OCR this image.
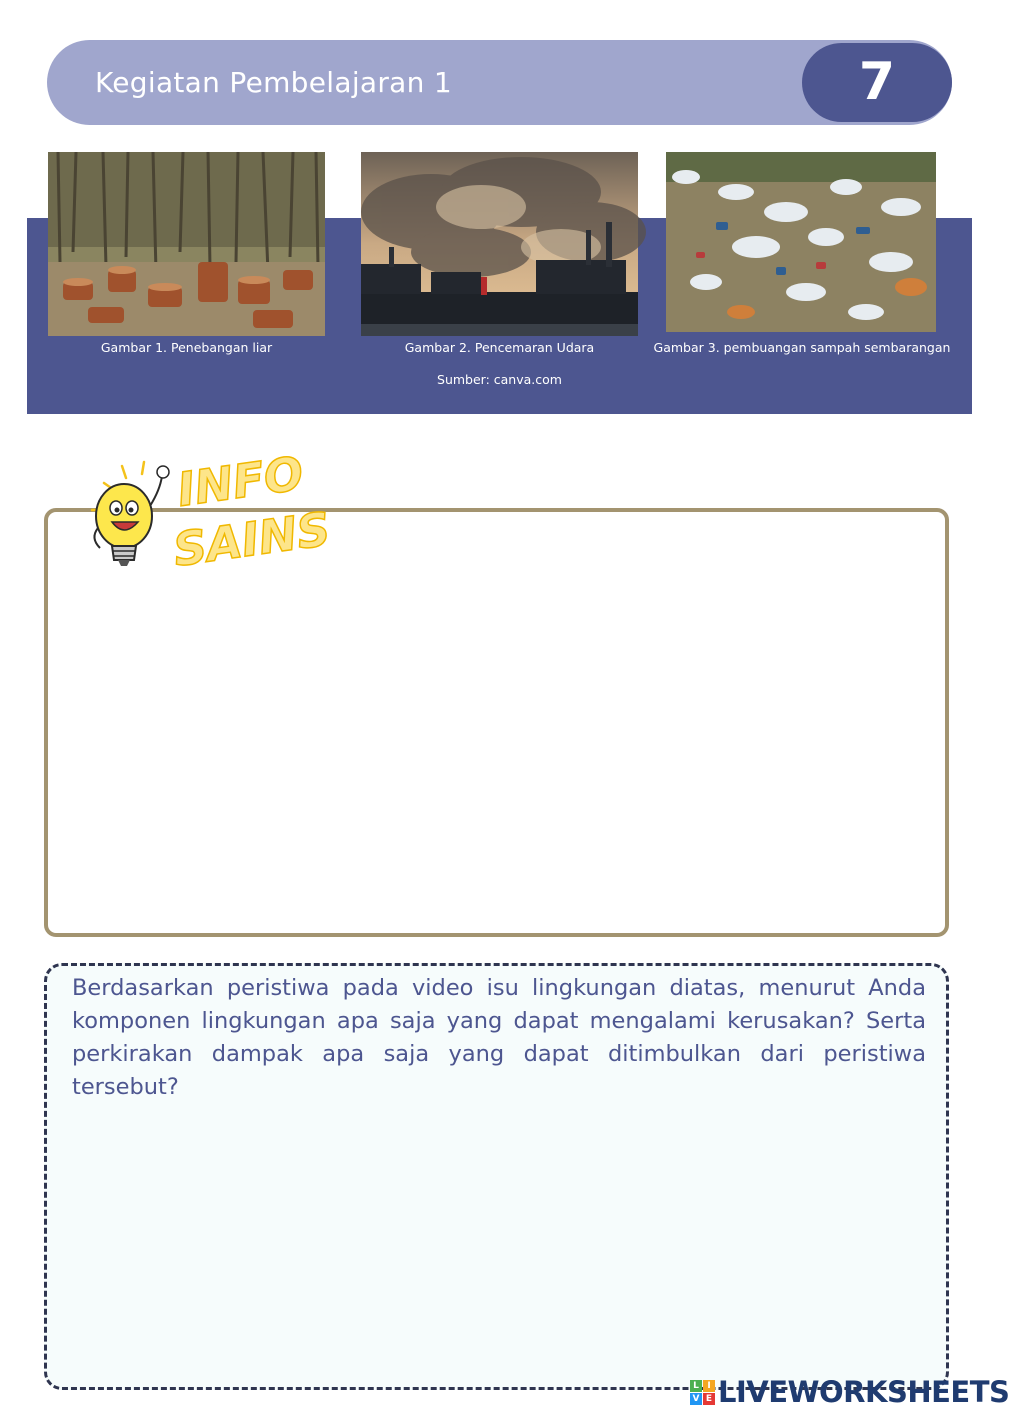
Kegiatan Pembelajaran 1	7
Gambar 1. Penebangan liar	Gambar 2. Pencemaran Udara	Gambar 3. pembuangan sampah sembarangan
Sumber: canva.com
INFO
SAINS
Berdasarkan peristiwa pada video isu lingkungan diatas, menurut Anda komponen lingkungan apa saja yang dapat mengalami kerusakan? Serta perkirakan dampak apa saja yang dapat ditimbulkan dari peristiwa tersebut?
L I
V E LIVEWORKSHEETS
